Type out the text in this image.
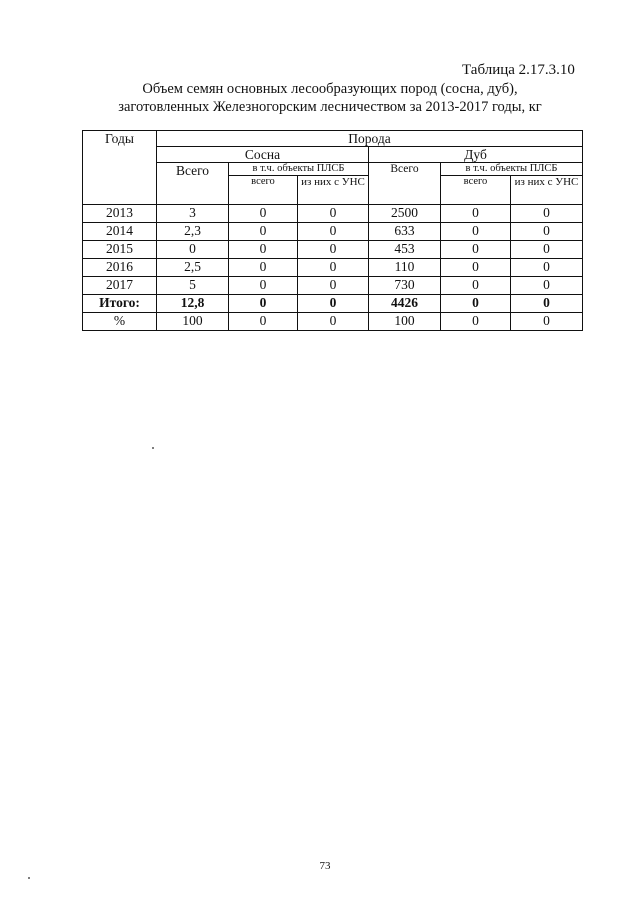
Таблица 2.17.3.10
Объем семян основных лесообразующих пород (сосна, дуб),
заготовленных Железногорским лесничеством за 2013-2017 годы, кг
Годы	Порода					
	Сосна			Дуб		
	Всего	в т.ч. объекты ПЛСБ		Всего	в т.ч. объекты ПЛСБ	
		всего	из них с УНС		всего	из них с УНС
2013	3	0	0	2500	0	0
2014	2,3	0	0	633	0	0
2015	0	0	0	453	0	0
2016	2,5	0	0	110	0	0
2017	5	0	0	730	0	0
Итого:	12,8	0	0	4426	0	0
%	100	0	0	100	0	0
73
